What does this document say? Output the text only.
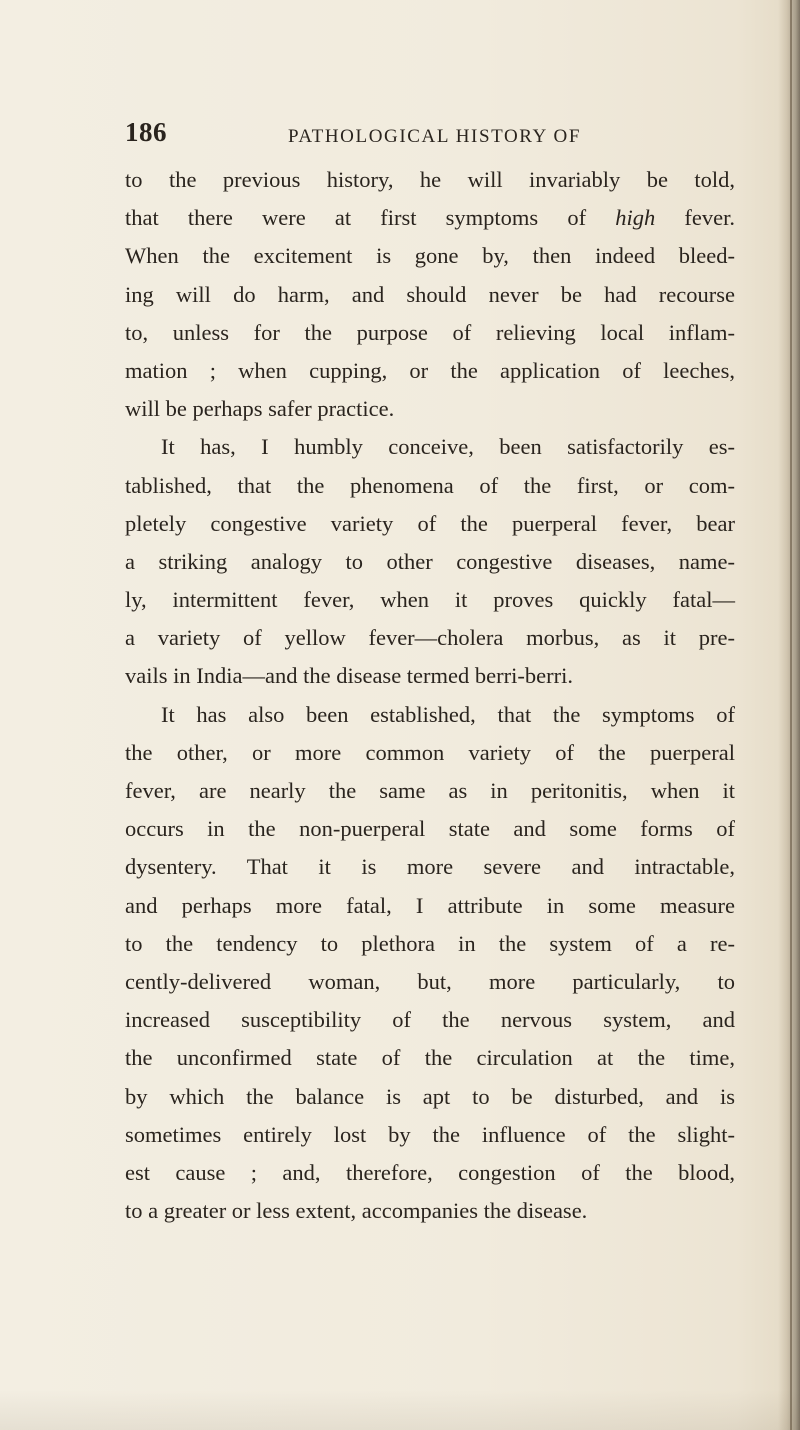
186	PATHOLOGICAL HISTORY OF
to the previous history, he will invariably be told,
that there were at first symptoms of high fever.
When the excitement is gone by, then indeed bleed-
ing will do harm, and should never be had recourse
to, unless for the purpose of relieving local inflam-
mation ; when cupping, or the application of leeches,
will be perhaps safer practice.
It has, I humbly conceive, been satisfactorily es-
tablished, that the phenomena of the first, or com-
pletely congestive variety of the puerperal fever, bear
a striking analogy to other congestive diseases, name-
ly, intermittent fever, when it proves quickly fatal—
a variety of yellow fever—cholera morbus, as it pre-
vails in India—and the disease termed berri-berri.
It has also been established, that the symptoms of
the other, or more common variety of the puerperal
fever, are nearly the same as in peritonitis, when it
occurs in the non-puerperal state and some forms of
dysentery. That it is more severe and intractable,
and perhaps more fatal, I attribute in some measure
to the tendency to plethora in the system of a re-
cently-delivered woman, but, more particularly, to
increased susceptibility of the nervous system, and
the unconfirmed state of the circulation at the time,
by which the balance is apt to be disturbed, and is
sometimes entirely lost by the influence of the slight-
est cause ; and, therefore, congestion of the blood,
to a greater or less extent, accompanies the disease.
